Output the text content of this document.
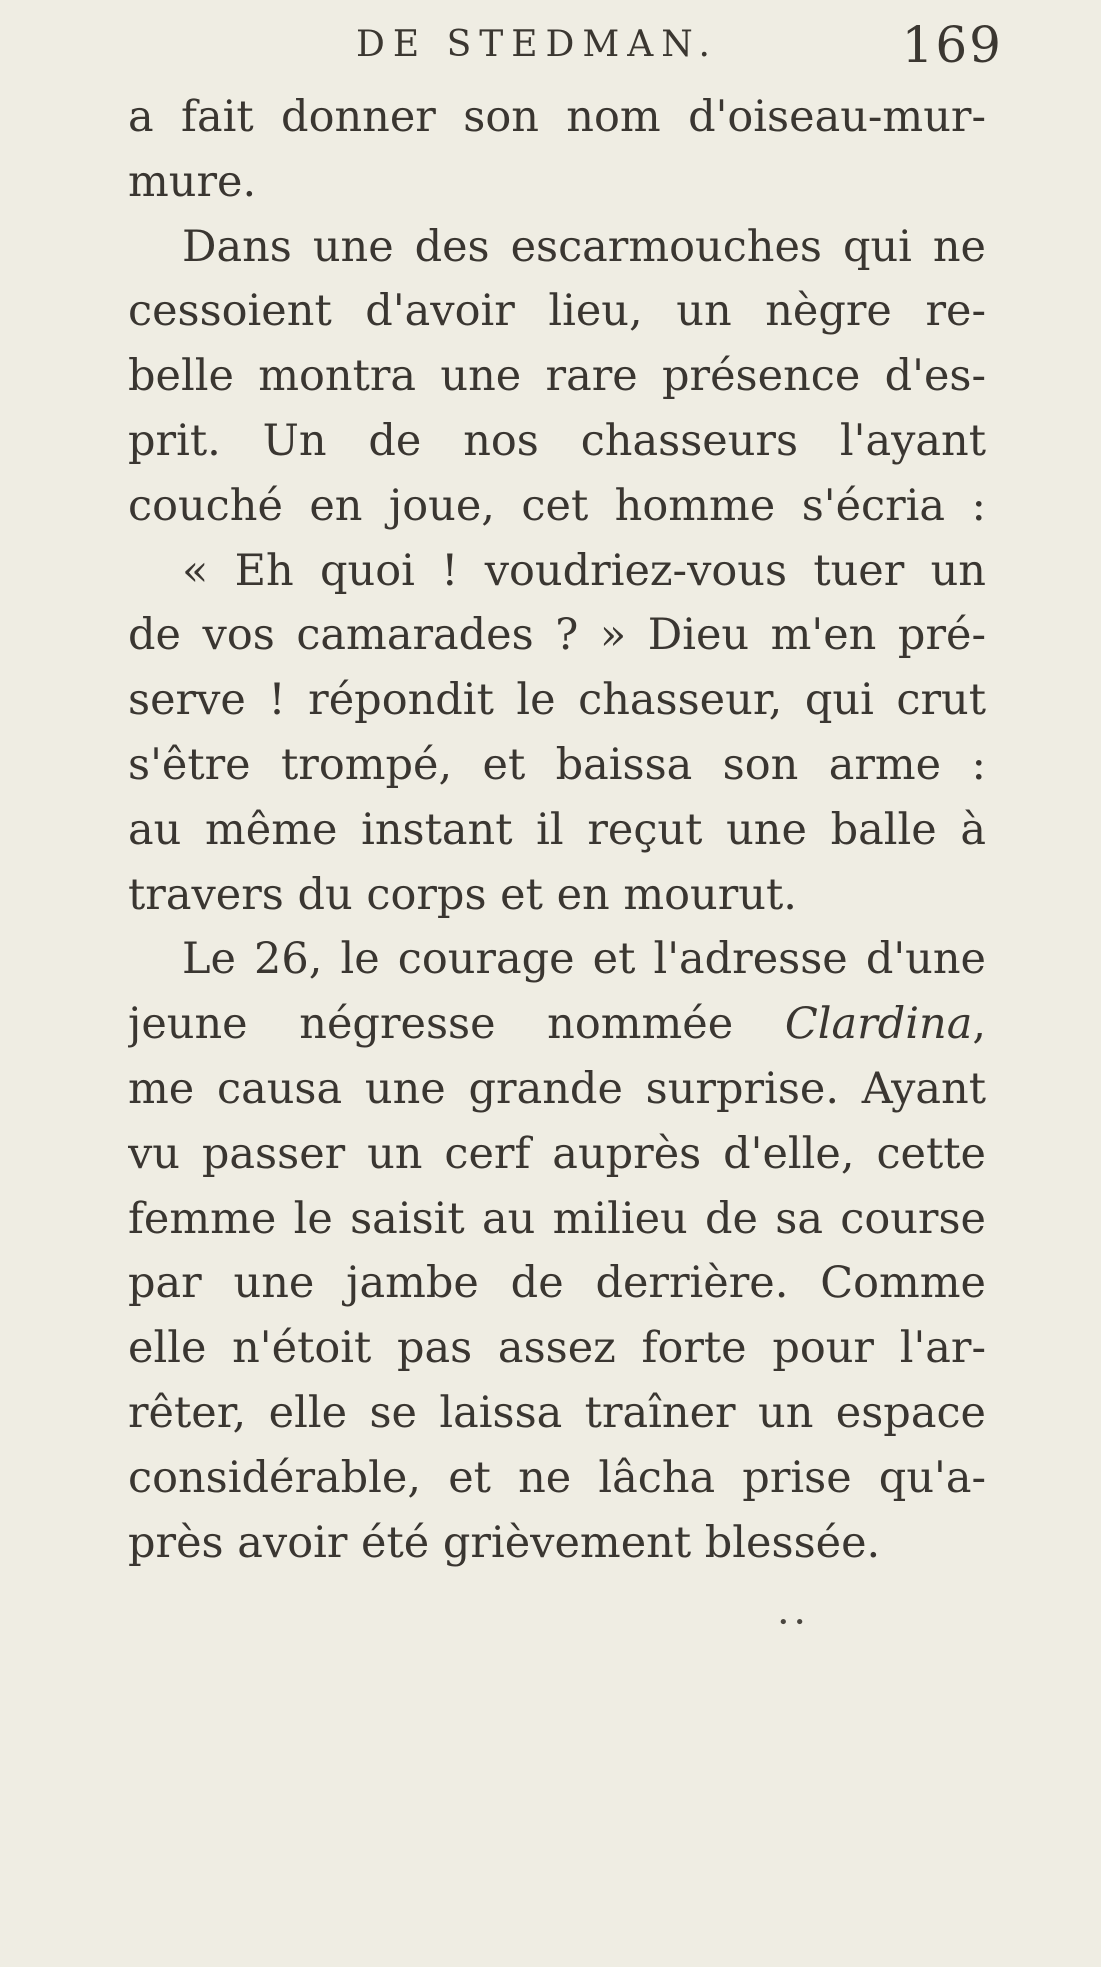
DE STEDMAN.	169
a fait donner son nom d'oiseau-mur-
mure.
Dans une des escarmouches qui ne
cessoient d'avoir lieu, un nègre re-
belle montra une rare présence d'es-
prit. Un de nos chasseurs l'ayant
couché en joue, cet homme s'écria :
« Eh quoi ! voudriez-vous tuer un
de vos camarades ? » Dieu m'en pré-
serve ! répondit le chasseur, qui crut
s'être trompé, et baissa son arme :
au même instant il reçut une balle à
travers du corps et en mourut.
Le 26, le courage et l'adresse d'une
jeune négresse nommée Clardina,
me causa une grande surprise. Ayant
vu passer un cerf auprès d'elle, cette
femme le saisit au milieu de sa course
par une jambe de derrière. Comme
elle n'étoit pas assez forte pour l'ar-
rêter, elle se laissa traîner un espace
considérable, et ne lâcha prise qu'a-
près avoir été grièvement blessée.
• •
